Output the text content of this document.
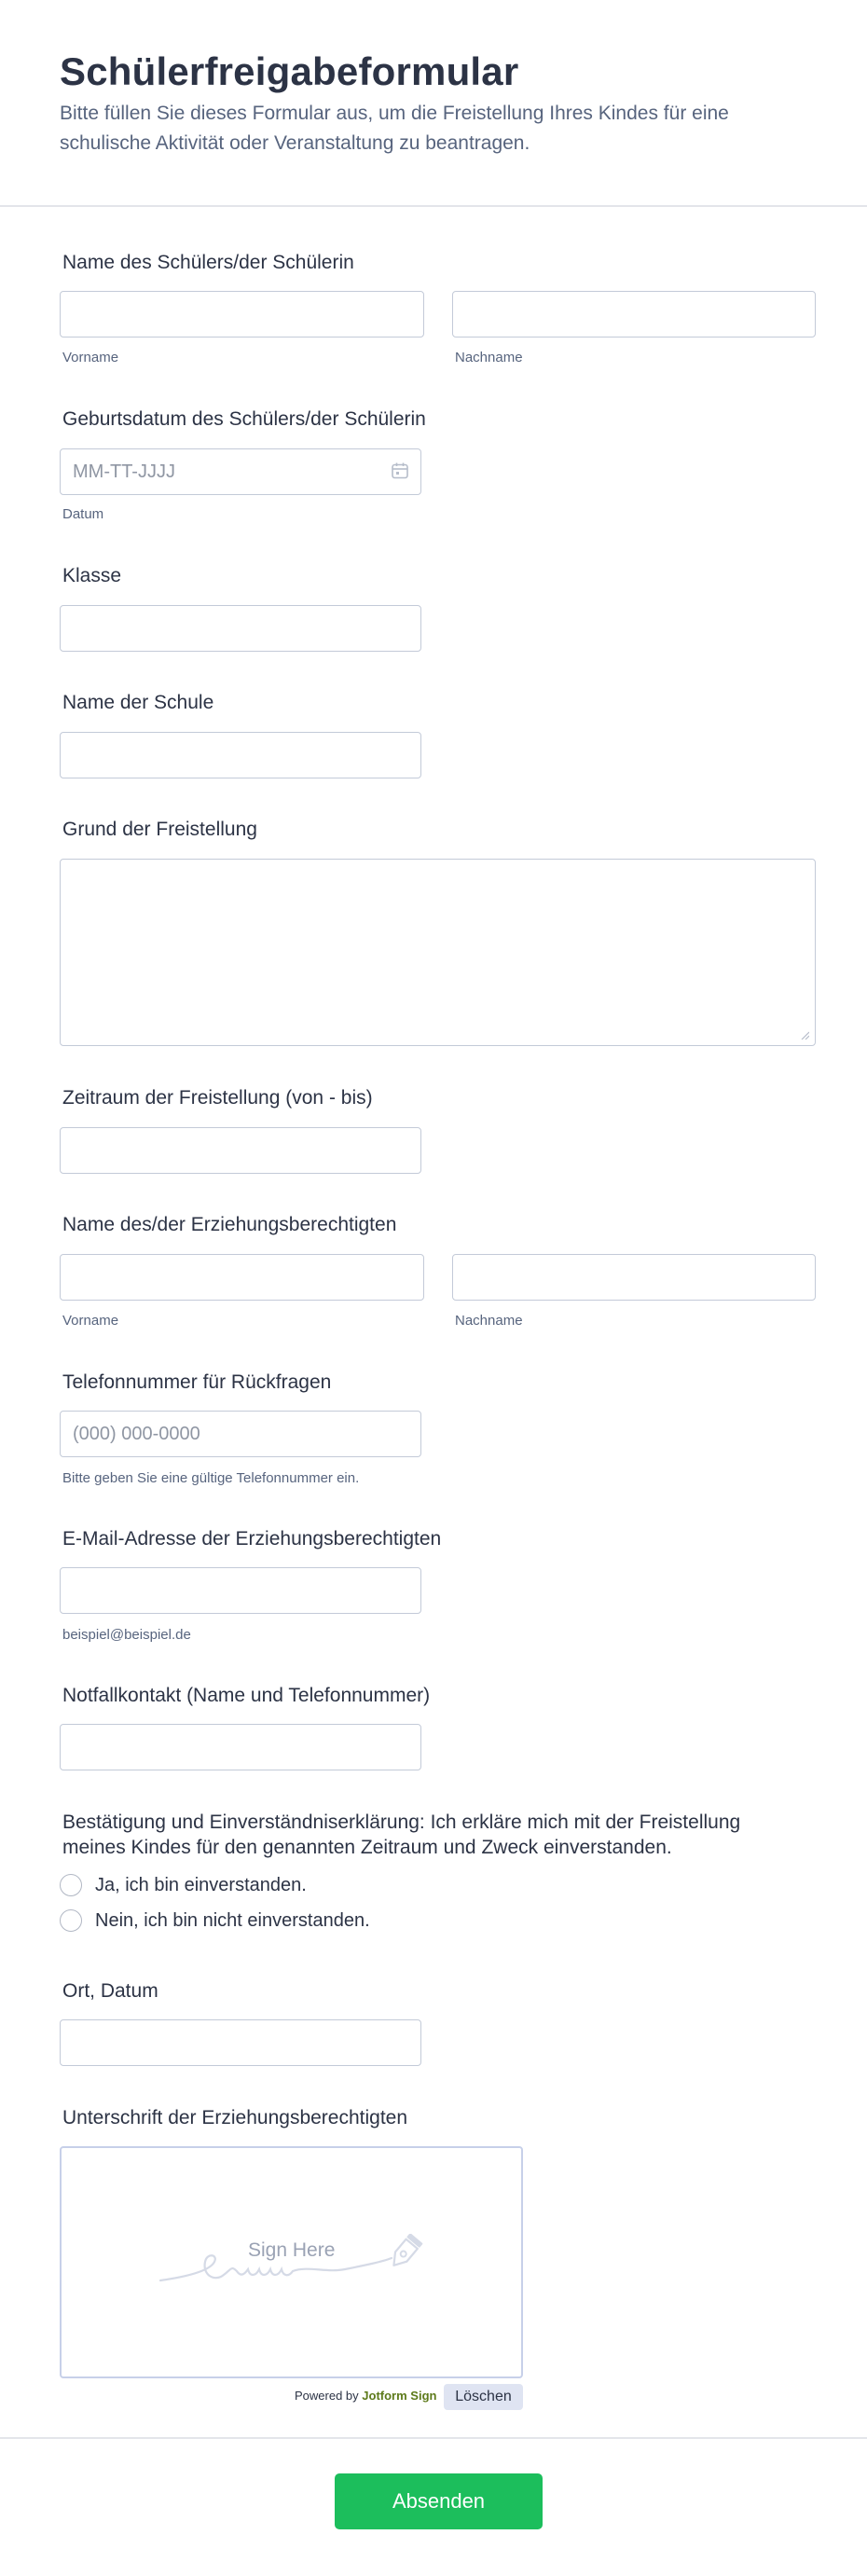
Schülerfreigabeformular

Bitte füllen Sie dieses Formular aus, um die Freistellung Ihres Kindes für eine schulische Aktivität oder Veranstaltung zu beantragen.

Name des Schülers/der Schülerin
Vorname	Nachname
Geburtsdatum des Schülers/der Schülerin
MM-TT-JJJJ
Datum
Klasse
Name der Schule
Grund der Freistellung
Zeitraum der Freistellung (von - bis)
Name des/der Erziehungsberechtigten
Vorname	Nachname
Telefonnummer für Rückfragen
(000) 000-0000
Bitte geben Sie eine gültige Telefonnummer ein.
E-Mail-Adresse der Erziehungsberechtigten
beispiel@beispiel.de
Notfallkontakt (Name und Telefonnummer)
Bestätigung und Einverständniserklärung: Ich erkläre mich mit der Freistellung meines Kindes für den genannten Zeitraum und Zweck einverstanden.
Ja, ich bin einverstanden.
Nein, ich bin nicht einverstanden.
Ort, Datum
Unterschrift der Erziehungsberechtigten
Sign Here
Powered by Jotform Sign	Löschen
Absenden
